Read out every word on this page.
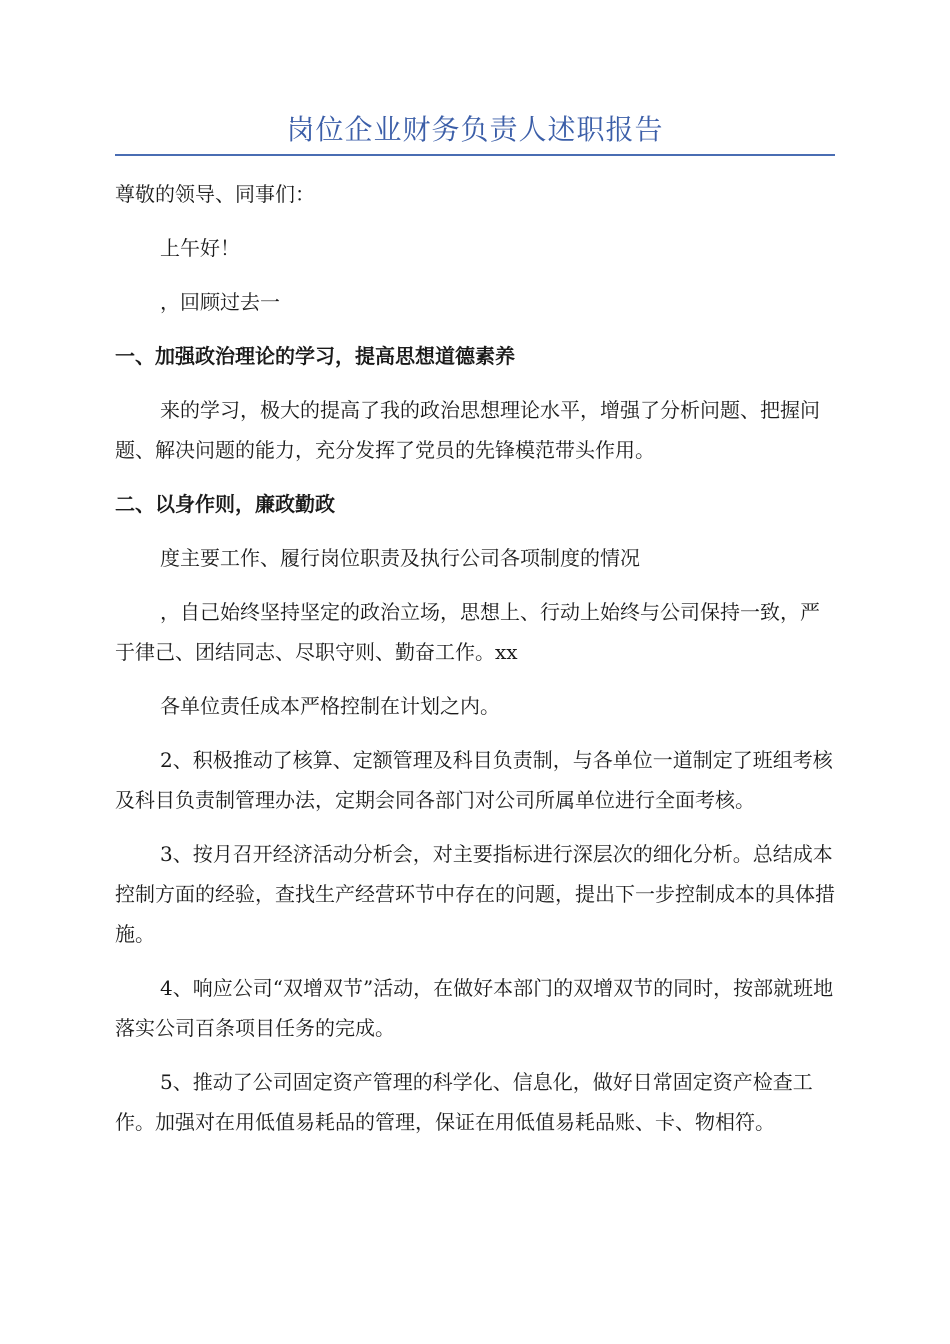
岗位企业财务负责人述职报告

尊敬的领导、同事们：

上午好！

，回顾过去一

一、加强政治理论的学习，提高思想道德素养

来的学习，极大的提高了我的政治思想理论水平，增强了分析问题、把握问题、解决问题的能力，充分发挥了党员的先锋模范带头作用。

二、以身作则，廉政勤政

度主要工作、履行岗位职责及执行公司各项制度的情况

，自己始终坚持坚定的政治立场，思想上、行动上始终与公司保持一致，严于律己、团结同志、尽职守则、勤奋工作。xx

各单位责任成本严格控制在计划之内。

2、积极推动了核算、定额管理及科目负责制，与各单位一道制定了班组考核及科目负责制管理办法，定期会同各部门对公司所属单位进行全面考核。

3、按月召开经济活动分析会，对主要指标进行深层次的细化分析。总结成本控制方面的经验，查找生产经营环节中存在的问题，提出下一步控制成本的具体措施。

4、响应公司“双增双节”活动，在做好本部门的双增双节的同时，按部就班地落实公司百条项目任务的完成。

5、推动了公司固定资产管理的科学化、信息化，做好日常固定资产检查工作。加强对在用低值易耗品的管理，保证在用低值易耗品账、卡、物相符。
